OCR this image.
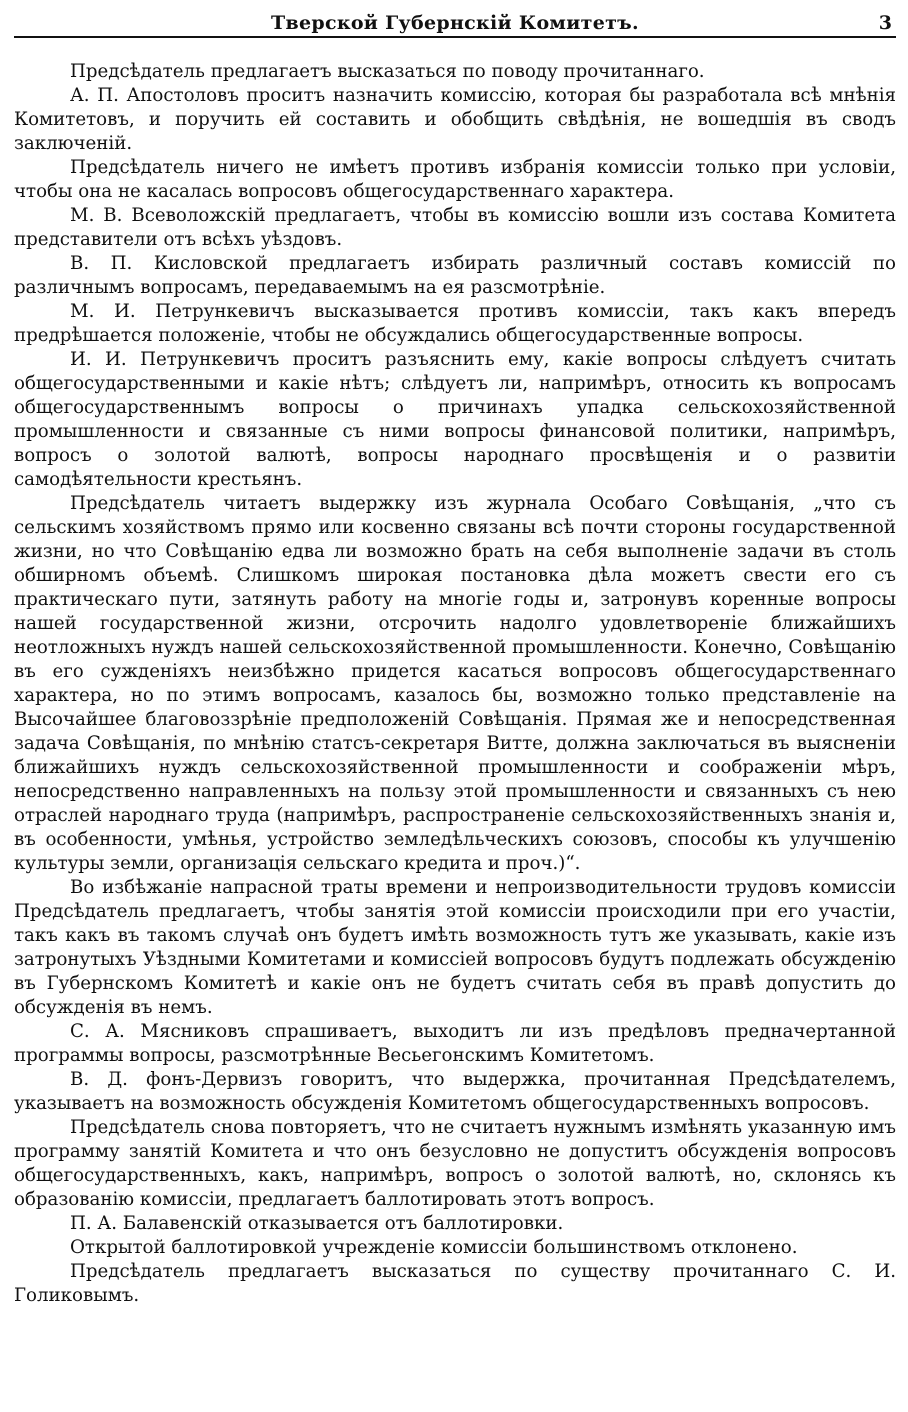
Тверской Губернскій Комитетъ.	3

Предсѣдатель предлагаетъ высказаться по поводу прочитаннаго.

А. П. Апостоловъ проситъ назначить комиссію, которая бы разработала всѣ мнѣнія Комитетовъ, и поручить ей составить и обобщить свѣдѣнія, не вошедшія въ сводъ заключеній.

Предсѣдатель ничего не имѣетъ противъ избранія комиссіи только при условіи, чтобы она не касалась вопросовъ общегосударственнаго характера.

М. В. Всеволожскій предлагаетъ, чтобы въ комиссію вошли изъ состава Комитета представители отъ всѣхъ уѣздовъ.

В. П. Кисловской предлагаетъ избирать различный составъ комиссій по различнымъ вопросамъ, передаваемымъ на ея разсмотрѣніе.

М. И. Петрункевичъ высказывается противъ комиссіи, такъ какъ впередъ предрѣшается положеніе, чтобы не обсуждались общегосударственные вопросы.

И. И. Петрункевичъ проситъ разъяснить ему, какіе вопросы слѣдуетъ считать общегосударственными и какіе нѣтъ; слѣдуетъ ли, напримѣръ, относить къ вопросамъ общегосударственнымъ вопросы о причинахъ упадка сельскохозяйственной промышленности и связанные съ ними вопросы финансовой политики, напримѣръ, вопросъ о золотой валютѣ, вопросы народнаго просвѣщенія и о развитіи самодѣятельности крестьянъ.

Предсѣдатель читаетъ выдержку изъ журнала Особаго Совѣщанія, „что съ сельскимъ хозяйствомъ прямо или косвенно связаны всѣ почти стороны государственной жизни, но что Совѣщанію едва ли возможно брать на себя выполненіе задачи въ столь обширномъ объемѣ. Слишкомъ широкая постановка дѣла можетъ свести его съ практическаго пути, затянуть работу на многіе годы и, затронувъ коренные вопросы нашей государственной жизни, отсрочить надолго удовлетвореніе ближайшихъ неотложныхъ нуждъ нашей сельскохозяйственной промышленности. Конечно, Совѣщанію въ его сужденіяхъ неизбѣжно придется касаться вопросовъ общегосударственнаго характера, но по этимъ вопросамъ, казалось бы, возможно только представленіе на Высочайшее благовоззрѣніе предположеній Совѣщанія. Прямая же и непосредственная задача Совѣщанія, по мнѣнію статсъ-секретаря Витте, должна заключаться въ выясненіи ближайшихъ нуждъ сельскохозяйственной промышленности и соображеніи мѣръ, непосредственно направленныхъ на пользу этой промышленности и связанныхъ съ нею отраслей народнаго труда (напримѣръ, распространеніе сельскохозяйственныхъ знанія и, въ особенности, умѣнья, устройство земледѣльческихъ союзовъ, способы къ улучшенію культуры земли, организація сельскаго кредита и проч.)“.

Во избѣжаніе напрасной траты времени и непроизводительности трудовъ комиссіи Предсѣдатель предлагаетъ, чтобы занятія этой комиссіи происходили при его участіи, такъ какъ въ такомъ случаѣ онъ будетъ имѣть возможность тутъ же указывать, какіе изъ затронутыхъ Уѣздными Комитетами и комиссіей вопросовъ будутъ подлежать обсужденію въ Губернскомъ Комитетѣ и какіе онъ не будетъ считать себя въ правѣ допустить до обсужденія въ немъ.

С. А. Мясниковъ спрашиваетъ, выходитъ ли изъ предѣловъ предначертанной программы вопросы, разсмотрѣнные Весьегонскимъ Комитетомъ.

В. Д. фонъ-Дервизъ говоритъ, что выдержка, прочитанная Предсѣдателемъ, указываетъ на возможность обсужденія Комитетомъ общегосударственныхъ вопросовъ.

Предсѣдатель снова повторяетъ, что не считаетъ нужнымъ измѣнять указанную имъ программу занятій Комитета и что онъ безусловно не допуститъ обсужденія вопросовъ общегосударственныхъ, какъ, напримѣръ, вопросъ о золотой валютѣ, но, склонясь къ образованію комиссіи, предлагаетъ баллотировать этотъ вопросъ.

П. А. Балавенскій отказывается отъ баллотировки.

Открытой баллотировкой учрежденіе комиссіи большинствомъ отклонено.

Предсѣдатель предлагаетъ высказаться по существу прочитаннаго С. И. Голиковымъ.
